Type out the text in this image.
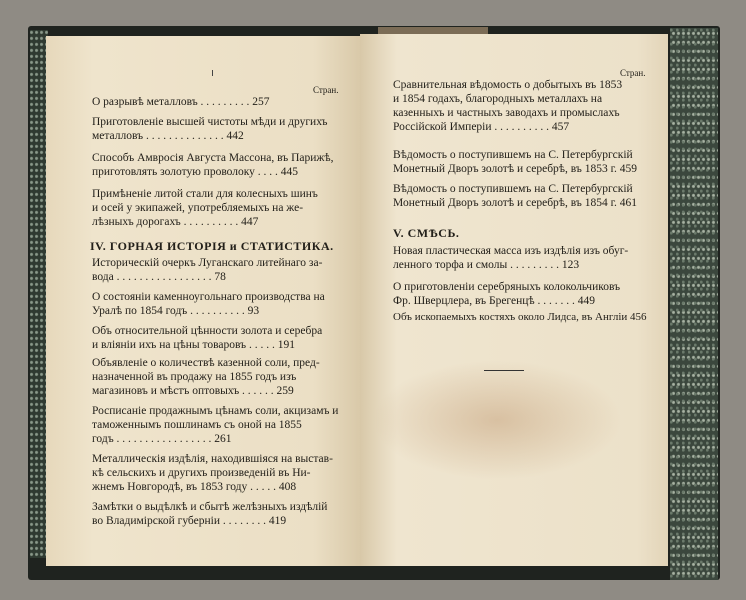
Стран.
О разрывѣ металловъ . . . . . . . . . 257
Приготовленіе высшей чистоты мѣди и другихъ
металловъ . . . . . . . . . . . . . . 442
Способъ Амвросія Августа Массона, въ Парижѣ,
приготовлять золотую проволоку . . . . 445
Примѣненіе литой стали для колесныхъ шинъ
и осей у экипажей, употребляемыхъ на же-
лѣзныхъ дорогахъ . . . . . . . . . . 447
IV. ГОРНАЯ ИСТОРІЯ и СТАТИСТИКА.
Историческій очеркъ Луганскаго литейнаго за-
вода . . . . . . . . . . . . . . . . . 78
О состояніи каменноугольнаго производства на
Уралѣ по 1854 годъ . . . . . . . . . . 93
Объ относительной цѣнности золота и серебра
и вліяніи ихъ на цѣны товаровъ . . . . . 191
Объявленіе о количествѣ казенной соли, пред-
назначенной въ продажу на 1855 годъ изъ
магазиновъ и мѣстъ оптовыхъ . . . . . . 259
Росписаніе продажнымъ цѣнамъ соли, акцизамъ и
таможеннымъ пошлинамъ съ оной на 1855
годъ . . . . . . . . . . . . . . . . . 261
Металлическія издѣлія, находившіяся на выстав-
кѣ сельскихъ и другихъ произведеній въ Ни-
жнемъ Новгородѣ, въ 1853 году . . . . . 408
Замѣтки о выдѣлкѣ и сбытѣ желѣзныхъ издѣлій
во Владимірской губерніи . . . . . . . . 419
Стран.
Сравнительная вѣдомость о добытыхъ въ 1853
и 1854 годахъ, благородныхъ металлахъ на
казенныхъ и частныхъ заводахъ и промыслахъ
Россійской Имперіи . . . . . . . . . . 457
Вѣдомость о поступившемъ на С. Петербургскій
Монетный Дворъ золотѣ и серебрѣ, въ 1853 г. 459
Вѣдомость о поступившемъ на С. Петербургскій
Монетный Дворъ золотѣ и серебрѣ, въ 1854 г. 461
V. СМѢСЬ.
Новая пластическая масса изъ издѣлія изъ обуг-
ленного торфа и смолы . . . . . . . . . 123
О приготовленіи серебряныхъ колокольчиковъ
Фр. Шверцлера, въ Брегенцѣ . . . . . . . 449
Объ ископаемыхъ костяхъ около Лидса, въ Англіи 456
